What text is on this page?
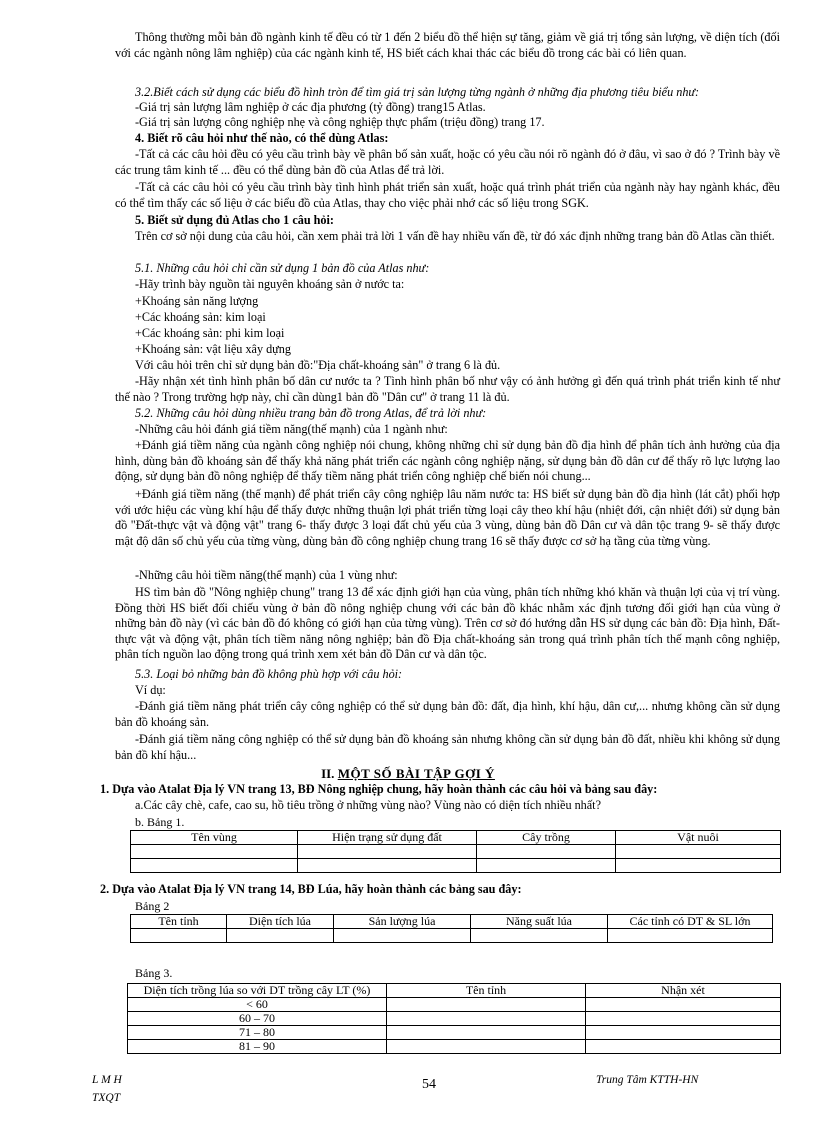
Thông thường mỗi bản đồ ngành kinh tế đều có từ 1 đến 2 biểu đồ thể hiện sự tăng, giảm về giá trị tổng sản lượng, về diện tích (đối với các ngành nông lâm nghiệp) của các ngành kinh tế, HS biết cách khai thác các biểu đồ trong các bài có liên quan.

3.2.Biết cách sử dụng các biểu đồ hình tròn để tìm giá trị sản lượng từng ngành ở những địa phương tiêu biểu như:

-Giá trị sản lượng lâm nghiệp ở các địa phương (tỷ đồng) trang15 Atlas.

-Giá trị sản lượng công nghiệp nhẹ và công nghiệp thực phẩm (triệu đồng) trang 17.

4. Biết rõ câu hỏi như thế nào, có thể dùng Atlas:

-Tất cả các câu hỏi đều có yêu cầu trình bày về phân bố sản xuất, hoặc có yêu cầu nói rõ ngành đó ở đâu, vì sao ở đó ? Trình bày về các trung tâm kinh tế ... đều có thể dùng bản đồ của Atlas để trả lời.

-Tất cả các câu hỏi có yêu cầu trình bày tình hình phát triển sản xuất, hoặc quá trình phát triển của ngành này hay ngành khác, đều có thể tìm thấy các số liệu ở các biểu đồ của Atlas, thay cho việc phải nhớ các số liệu trong SGK.

5. Biết sử dụng đủ Atlas cho 1 câu hỏi:

Trên cơ sở nội dung của câu hỏi, cần xem phải trả lời 1 vấn đề hay nhiều vấn đề, từ đó xác định những trang bản đồ Atlas cần thiết.

5.1. Những câu hỏi chỉ cần sử dụng 1 bản đồ của Atlas như:

-Hãy trình bày nguồn tài nguyên khoáng sản ở nước ta:

+Khoáng sản năng lượng

+Các khoáng sản: kim loại

+Các khoáng sản: phi kim loại

+Khoáng sản: vật liệu xây dựng

Với câu hỏi trên chỉ sử dụng bản đồ:"Địa chất-khoáng sản" ở trang 6 là đủ.

-Hãy nhận xét tình hình phân bố dân cư nước ta ? Tình hình phân bố như vậy có ảnh hưởng gì đến quá trình phát triển kinh tế như thế nào ? Trong trường hợp này, chỉ cần dùng1 bản đồ "Dân cư" ở trang 11 là đủ.

5.2. Những câu hỏi dùng nhiều trang bản đồ trong Atlas, để trả lời như:

-Những câu hỏi đánh giá tiềm năng(thế mạnh) của 1 ngành như:

+Đánh giá tiềm năng của ngành công nghiệp nói chung, không những chỉ sử dụng bản đồ địa hình để phân tích ảnh hưởng của địa hình, dùng bản đồ khoáng sản để thấy khả năng phát triển các ngành công nghiệp nặng, sử dụng bản đồ dân cư để thấy rõ lực lượng lao động, sử dụng bản đồ nông nghiệp để thấy tiềm năng phát triển công nghiệp chế biến nói chung...

+Đánh giá tiềm năng (thế mạnh) để phát triển cây công nghiệp lâu năm nước ta: HS biết sử dụng bản đồ địa hình (lát cắt) phối hợp với ước hiệu các vùng khí hậu để thấy được những thuận lợi phát triển từng loại cây theo khí hậu (nhiệt đới, cận nhiệt đới) sử dụng bản đồ "Đất-thực vật và động vật" trang 6- thấy được 3 loại đất chủ yếu của 3 vùng, dùng bản đồ Dân cư và dân tộc trang 9- sẽ thấy được mật độ dân số chủ yếu của từng vùng, dùng bản đồ công nghiệp chung trang 16 sẽ thấy được cơ sở hạ tầng của từng vùng.

-Những câu hỏi tiềm năng(thế mạnh) của 1 vùng như:

HS tìm bản đồ "Nông nghiệp chung" trang 13 để xác định giới hạn của vùng, phân tích những khó khăn và thuận lợi của vị trí vùng. Đồng thời HS biết đối chiếu vùng ở bản đồ nông nghiệp chung với các bản đồ khác nhằm xác định tương đối giới hạn của vùng ở những bản đồ này (vì các bản đồ đó không có giới hạn của từng vùng). Trên cơ sở đó hướng dẫn HS sử dụng các bản đồ: Địa hình, Đất-thực vật và động vật, phân tích tiềm năng nông nghiệp; bản đồ Địa chất-khoáng sản trong quá trình phân tích thế mạnh công nghiệp, phân tích nguồn lao động trong quá trình xem xét bản đồ Dân cư và dân tộc.

5.3. Loại bỏ những bản đồ không phù hợp với câu hỏi:

Ví dụ:

-Đánh giá tiềm năng phát triển cây công nghiệp có thể sử dụng bản đồ: đất, địa hình, khí hậu, dân cư,... nhưng không cần sử dụng bản đồ khoáng sản.

-Đánh giá tiềm năng công nghiệp có thể sử dụng bản đồ khoáng sản nhưng không cần sử dụng bản đồ đất, nhiều khi không sử dụng bản đồ khí hậu...

II. MỘT SỐ BÀI TẬP GỢI Ý

1. Dựa vào Atalat Địa lý VN trang 13, BĐ Nông nghiệp chung, hãy hoàn thành các câu hỏi và bảng sau đây:

a.Các cây chè, cafe, cao su, hồ tiêu trồng ở những vùng nào? Vùng nào có diện tích nhiều nhất?

b. Bảng 1.
Tên vùng	Hiện trạng sử dụng đất	Cây trồng	Vật nuôi

2. Dựa vào Atalat Địa lý VN trang 14, BĐ Lúa, hãy hoàn thành các bảng sau đây:

Bảng 2
Tên tỉnh	Diện tích lúa	Sản lượng lúa	Năng suất lúa	Các tỉnh có DT & SL lớn

Bảng 3.
Diện tích trồng lúa so với DT trồng cây LT (%)	Tên tỉnh	Nhận xét
< 60		
60 – 70		
71 – 80		
81 – 90		
L M H
TXQT
54	Trung Tâm KTTH-HN
